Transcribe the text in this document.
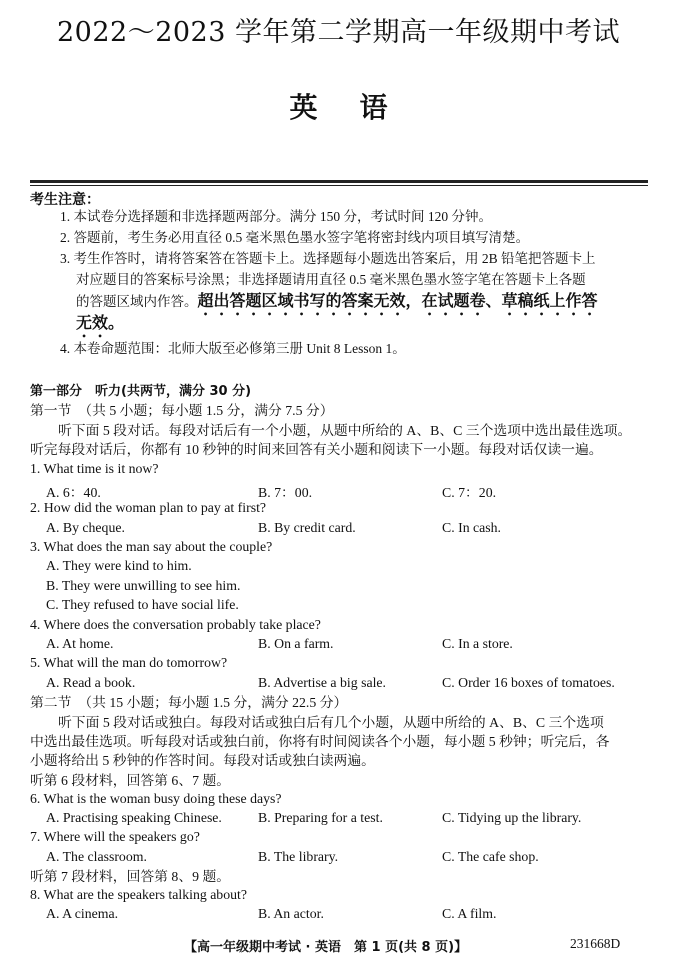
2022～2023 学年第二学期高一年级期中考试
英语
考生注意：
1. 本试卷分选择题和非选择题两部分。满分 150 分，考试时间 120 分钟。
2. 答题前，考生务必用直径 0.5 毫米黑色墨水签字笔将密封线内项目填写清楚。
3. 考生作答时，请将答案答在答题卡上。选择题每小题选出答案后，用 2B 铅笔把答题卡上
对应题目的答案标号涂黑；非选择题请用直径 0.5 毫米黑色墨水签字笔在答题卡上各题
的答题区域内作答。超出答题区域书写的答案无效，在试题卷、草稿纸上作答
无效。
4. 本卷命题范围：北师大版至必修第三册 Unit 8 Lesson 1。
第一部分　听力(共两节，满分 30 分)
第一节　（共 5 小题；每小题 1.5 分，满分 7.5 分）
听下面 5 段对话。每段对话后有一个小题，从题中所给的 A、B、C 三个选项中选出最佳选项。
听完每段对话后，你都有 10 秒钟的时间来回答有关小题和阅读下一小题。每段对话仅读一遍。
1. What time is it now?
A. 6：40.	B. 7：00.	C. 7：20.
2. How did the woman plan to pay at first?
A. By cheque.	B. By credit card.	C. In cash.
3. What does the man say about the couple?
A. They were kind to him.
B. They were unwilling to see him.
C. They refused to have social life.
4. Where does the conversation probably take place?
A. At home.	B. On a farm.	C. In a store.
5. What will the man do tomorrow?
A. Read a book.	B. Advertise a big sale.	C. Order 16 boxes of tomatoes.
第二节　（共 15 小题；每小题 1.5 分，满分 22.5 分）
听下面 5 段对话或独白。每段对话或独白后有几个小题，从题中所给的 A、B、C 三个选项
中选出最佳选项。听每段对话或独白前，你将有时间阅读各个小题，每小题 5 秒钟；听完后，各
小题将给出 5 秒钟的作答时间。每段对话或独白读两遍。
听第 6 段材料，回答第 6、7 题。
6. What is the woman busy doing these days?
A. Practising speaking Chinese.	B. Preparing for a test.	C. Tidying up the library.
7. Where will the speakers go?
A. The classroom.	B. The library.	C. The cafe shop.
听第 7 段材料，回答第 8、9 题。
8. What are the speakers talking about?
A. A cinema.	B. An actor.	C. A film.
【高一年级期中考试 · 英语　第 1 页(共 8 页)】	231668D
